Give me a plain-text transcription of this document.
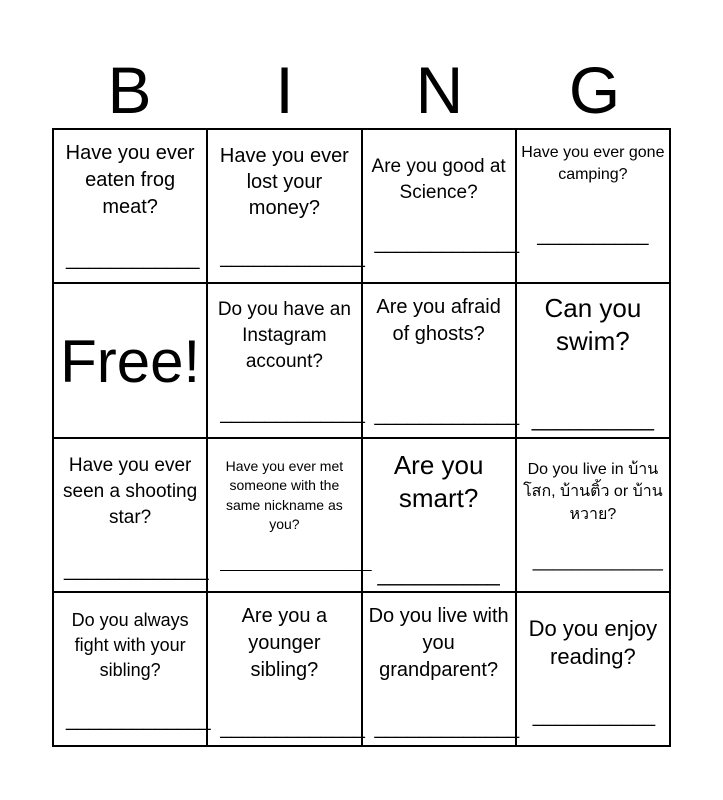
B	I	N	G
Have you ever eaten frog meat?
____________
Have you ever lost your money?
_____________
Are you good at Science?
_____________
Have you ever gone camping?
__________
Free!
Do you have an Instagram account?
_____________
Are you afraid of ghosts?
_____________
Can you swim?
__________
Have you ever seen a shooting star?
_____________
Have you ever met someone with the same nickname as you?
_________________
Are you smart?
__________
Do you live in บ้านโสก, บ้านติ้ว or บ้านหวาย?
_____________
Do you always fight with your sibling?
_____________
Are you a younger sibling?
_____________
Do you live with you grandparent?
_____________
Do you enjoy reading?
___________
